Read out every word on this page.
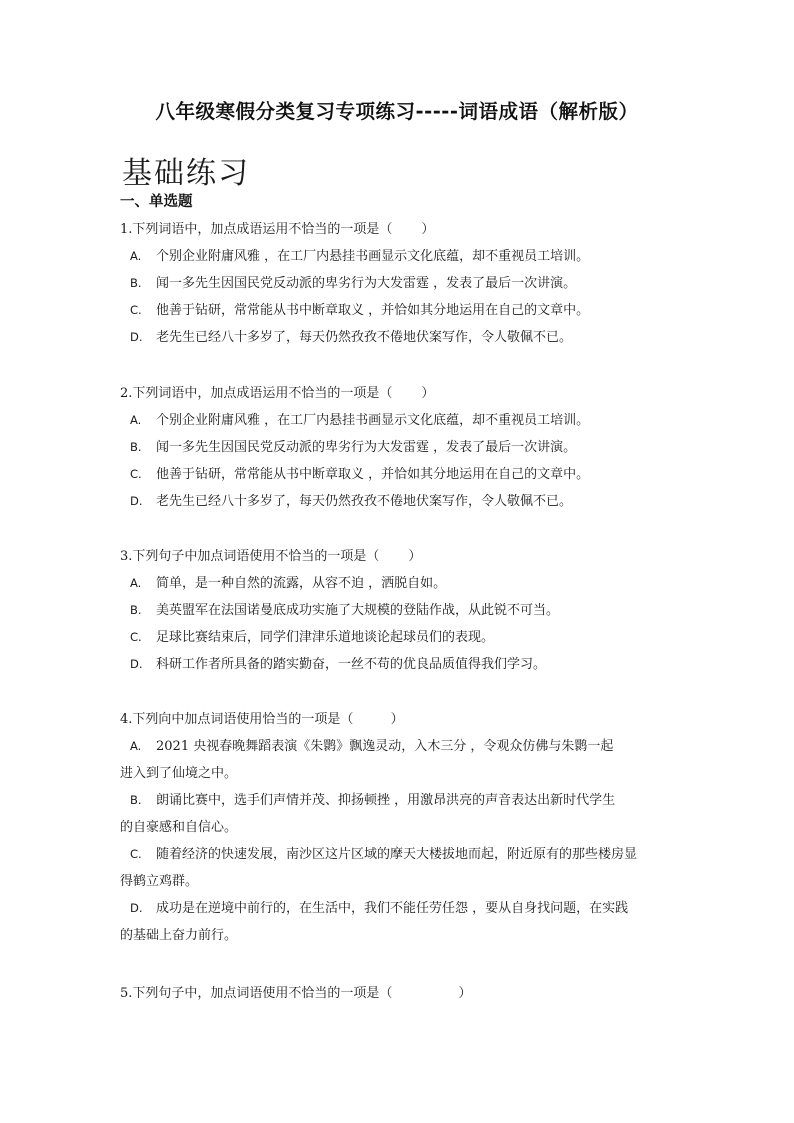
八年级寒假分类复习专项练习-----词语成语（解析版）
基础练习
一、单选题

1.下列词语中，加点成语运用不恰当的一项是（       ）

A. 个别企业附庸风雅 ，在工厂内悬挂书画显示文化底蕴，却不重视员工培训。

B. 闻一多先生因国民党反动派的卑劣行为大发雷霆 ，发表了最后一次讲演。

C. 他善于钻研，常常能从书中断章取义 ，并恰如其分地运用在自己的文章中。

D. 老先生已经八十多岁了，每天仍然孜孜不倦地伏案写作，令人敬佩不已。

2.下列词语中，加点成语运用不恰当的一项是（       ）

A. 个别企业附庸风雅 ，在工厂内悬挂书画显示文化底蕴，却不重视员工培训。

B. 闻一多先生因国民党反动派的卑劣行为大发雷霆 ，发表了最后一次讲演。

C. 他善于钻研，常常能从书中断章取义 ，并恰如其分地运用在自己的文章中。

D. 老先生已经八十多岁了，每天仍然孜孜不倦地伏案写作，令人敬佩不已。

3.下列句子中加点词语使用不恰当的一项是（       ）

A. 简单，是一种自然的流露，从容不迫 ，洒脱自如。

B. 美英盟军在法国诺曼底成功实施了大规模的登陆作战，从此锐不可当。

C. 足球比赛结束后，同学们津津乐道地谈论起球员们的表现。

D. 科研工作者所具备的踏实勤奋，一丝不苟的优良品质值得我们学习。

4.下列向中加点词语使用恰当的一项是（         ）

A. 2021 央视春晚舞蹈表演《朱鹮》飘逸灵动，入木三分 ，令观众仿佛与朱鹮一起
进入到了仙境之中。

B. 朗诵比赛中，选手们声情并茂、抑扬顿挫 ，用激昂洪亮的声音表达出新时代学生
的自豪感和自信心。

C. 随着经济的快速发展，南沙区这片区域的摩天大楼拔地而起，附近原有的那些楼房显
得鹤立鸡群。

D. 成功是在逆境中前行的，在生活中，我们不能任劳任怨 ，要从自身找问题，在实践
的基础上奋力前行。

5.下列句子中，加点词语使用不恰当的一项是（                ）
